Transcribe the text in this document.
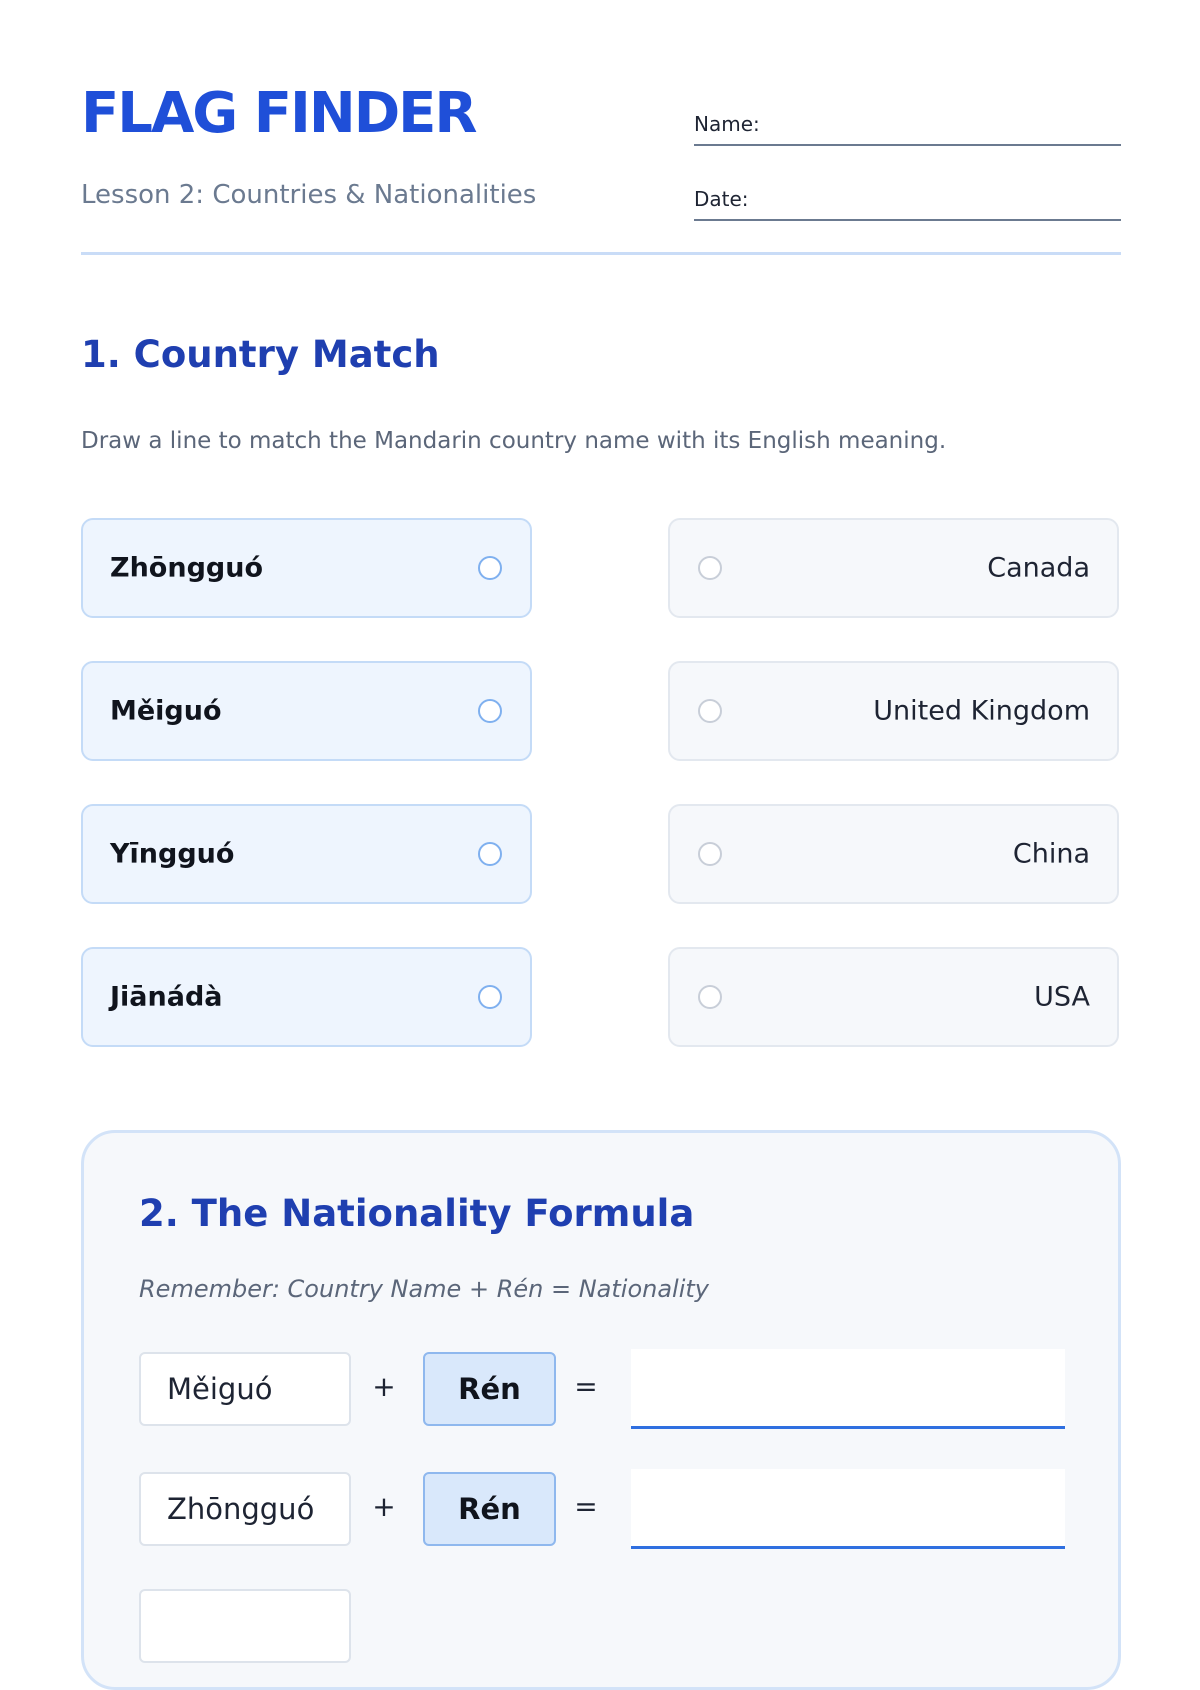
FLAG FINDER
Lesson 2: Countries & Nationalities
Name:
Date:
1. Country Match
Draw a line to match the Mandarin country name with its English meaning.
Zhōngguó
Měiguó
Yīngguó
Jiānádà
Canada
United Kingdom
China
USA
2. The Nationality Formula
Remember: Country Name + Rén = Nationality
Měiguó	+	Rén	=
Zhōngguó +	Rén	=
